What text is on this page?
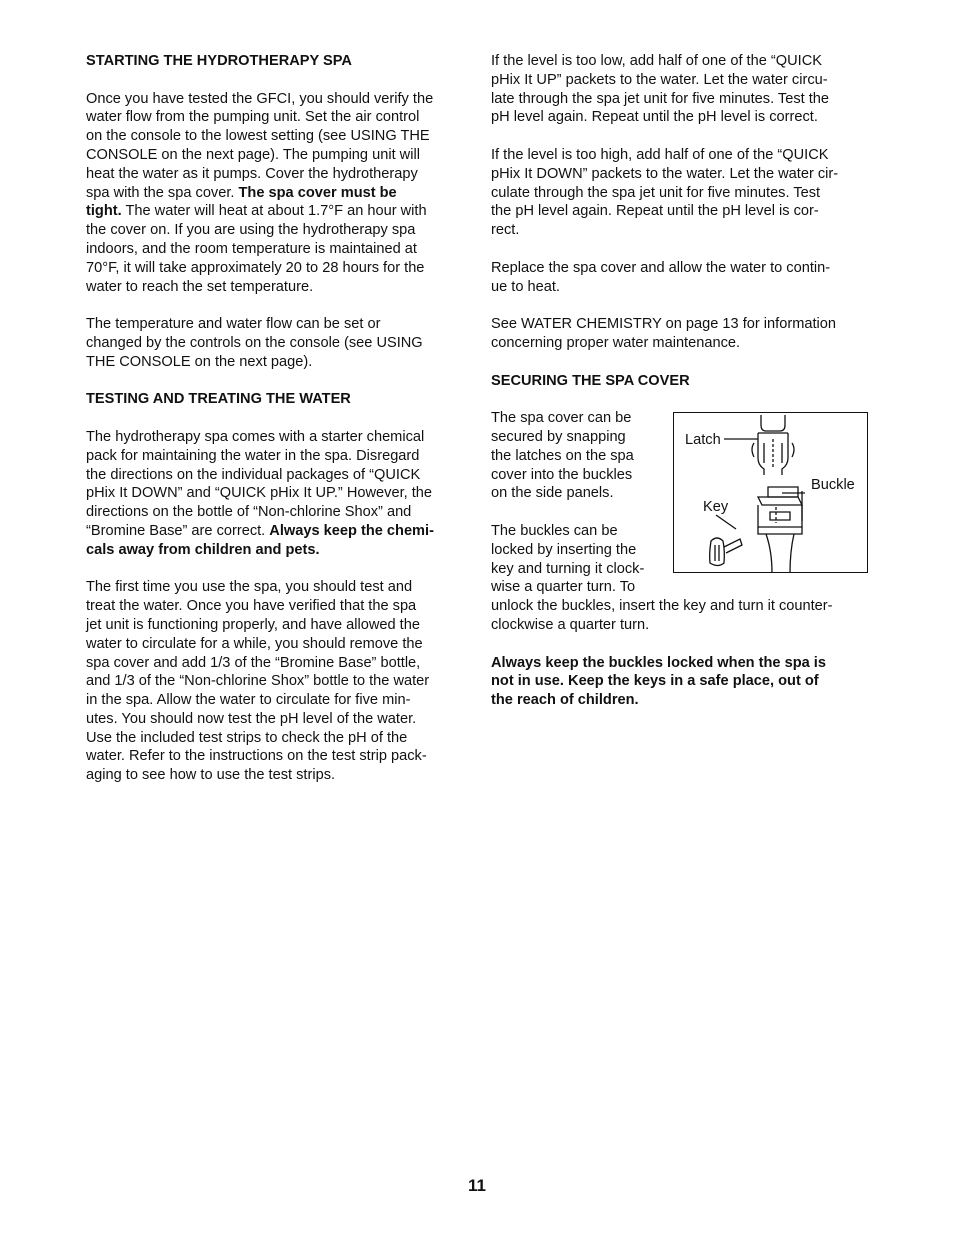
STARTING THE HYDROTHERAPY SPA

Once you have tested the GFCI, you should verify the
water flow from the pumping unit. Set the air control
on the console to the lowest setting (see USING THE
CONSOLE on the next page). The pumping unit will
heat the water as it pumps. Cover the hydrotherapy
spa with the spa cover. The spa cover must be
tight. The water will heat at about 1.7°F an hour with
the cover on. If you are using the hydrotherapy spa
indoors, and the room temperature is maintained at
70°F, it will take approximately 20 to 28 hours for the
water to reach the set temperature.

The temperature and water flow can be set or
changed by the controls on the console (see USING
THE CONSOLE on the next page).

TESTING AND TREATING THE WATER

The hydrotherapy spa comes with a starter chemical
pack for maintaining the water in the spa. Disregard
the directions on the individual packages of “QUICK
pHix It DOWN” and “QUICK pHix It UP.” However, the
directions on the bottle of “Non-chlorine Shox” and
“Bromine Base” are correct. Always keep the chemi-
cals away from children and pets.

The first time you use the spa, you should test and
treat the water. Once you have verified that the spa
jet unit is functioning properly, and have allowed the
water to circulate for a while, you should remove the
spa cover and add 1/3 of the “Bromine Base” bottle,
and 1/3 of the “Non-chlorine Shox” bottle to the water
in the spa. Allow the water to circulate for five min-
utes. You should now test the pH level of the water.
Use the included test strips to check the pH of the
water. Refer to the instructions on the test strip pack-
aging to see how to use the test strips.

If the level is too low, add half of one of the “QUICK
pHix It UP” packets to the water. Let the water circu-
late through the spa jet unit for five minutes. Test the
pH level again. Repeat until the pH level is correct.

If the level is too high, add half of one of the “QUICK
pHix It DOWN” packets to the water. Let the water cir-
culate through the spa jet unit for five minutes. Test
the pH level again. Repeat until the pH level is cor-
rect.

Replace the spa cover and allow the water to contin-
ue to heat.

See WATER CHEMISTRY on page 13 for information
concerning proper water maintenance.

SECURING THE SPA COVER

The spa cover can be
secured by snapping
the latches on the spa
cover into the buckles
on the side panels.

The buckles can be
locked by inserting the
key and turning it clock-
wise a quarter turn. To
unlock the buckles, insert the key and turn it counter-
clockwise a quarter turn.

Always keep the buckles locked when the spa is
not in use. Keep the keys in a safe place, out of
the reach of children.

Latch
Buckle
Key
11
